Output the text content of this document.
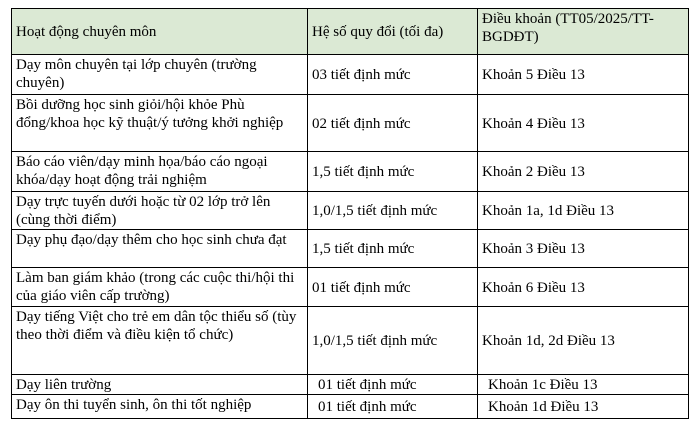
Hoạt động chuyên môn	Hệ số quy đổi (tối đa)	Điều khoản (TT05/2025/TT-BGDĐT)
Dạy môn chuyên tại lớp chuyên (trường chuyên)	03 tiết định mức	Khoản 5 Điều 13
Bồi dưỡng học sinh giỏi/hội khỏe Phù đổng/khoa học kỹ thuật/ý tưởng khởi nghiệp	02 tiết định mức	Khoản 4 Điều 13
Báo cáo viên/dạy minh họa/báo cáo ngoại khóa/dạy hoạt động trải nghiệm	1,5 tiết định mức	Khoản 2 Điều 13
Dạy trực tuyến dưới hoặc từ 02 lớp trở lên (cùng thời điểm)	1,0/1,5 tiết định mức	Khoản 1a, 1d Điều 13
Dạy phụ đạo/dạy thêm cho học sinh chưa đạt	1,5 tiết định mức	Khoản 3 Điều 13
Làm ban giám khảo (trong các cuộc thi/hội thi của giáo viên cấp trường)	01 tiết định mức	Khoản 6 Điều 13
Dạy tiếng Việt cho trẻ em dân tộc thiểu số (tùy theo thời điểm và điều kiện tổ chức)	1,0/1,5 tiết định mức	Khoản 1d, 2d Điều 13
Dạy liên trường	01 tiết định mức	Khoản 1c Điều 13
Dạy ôn thi tuyển sinh, ôn thi tốt nghiệp	01 tiết định mức	Khoản 1d Điều 13
